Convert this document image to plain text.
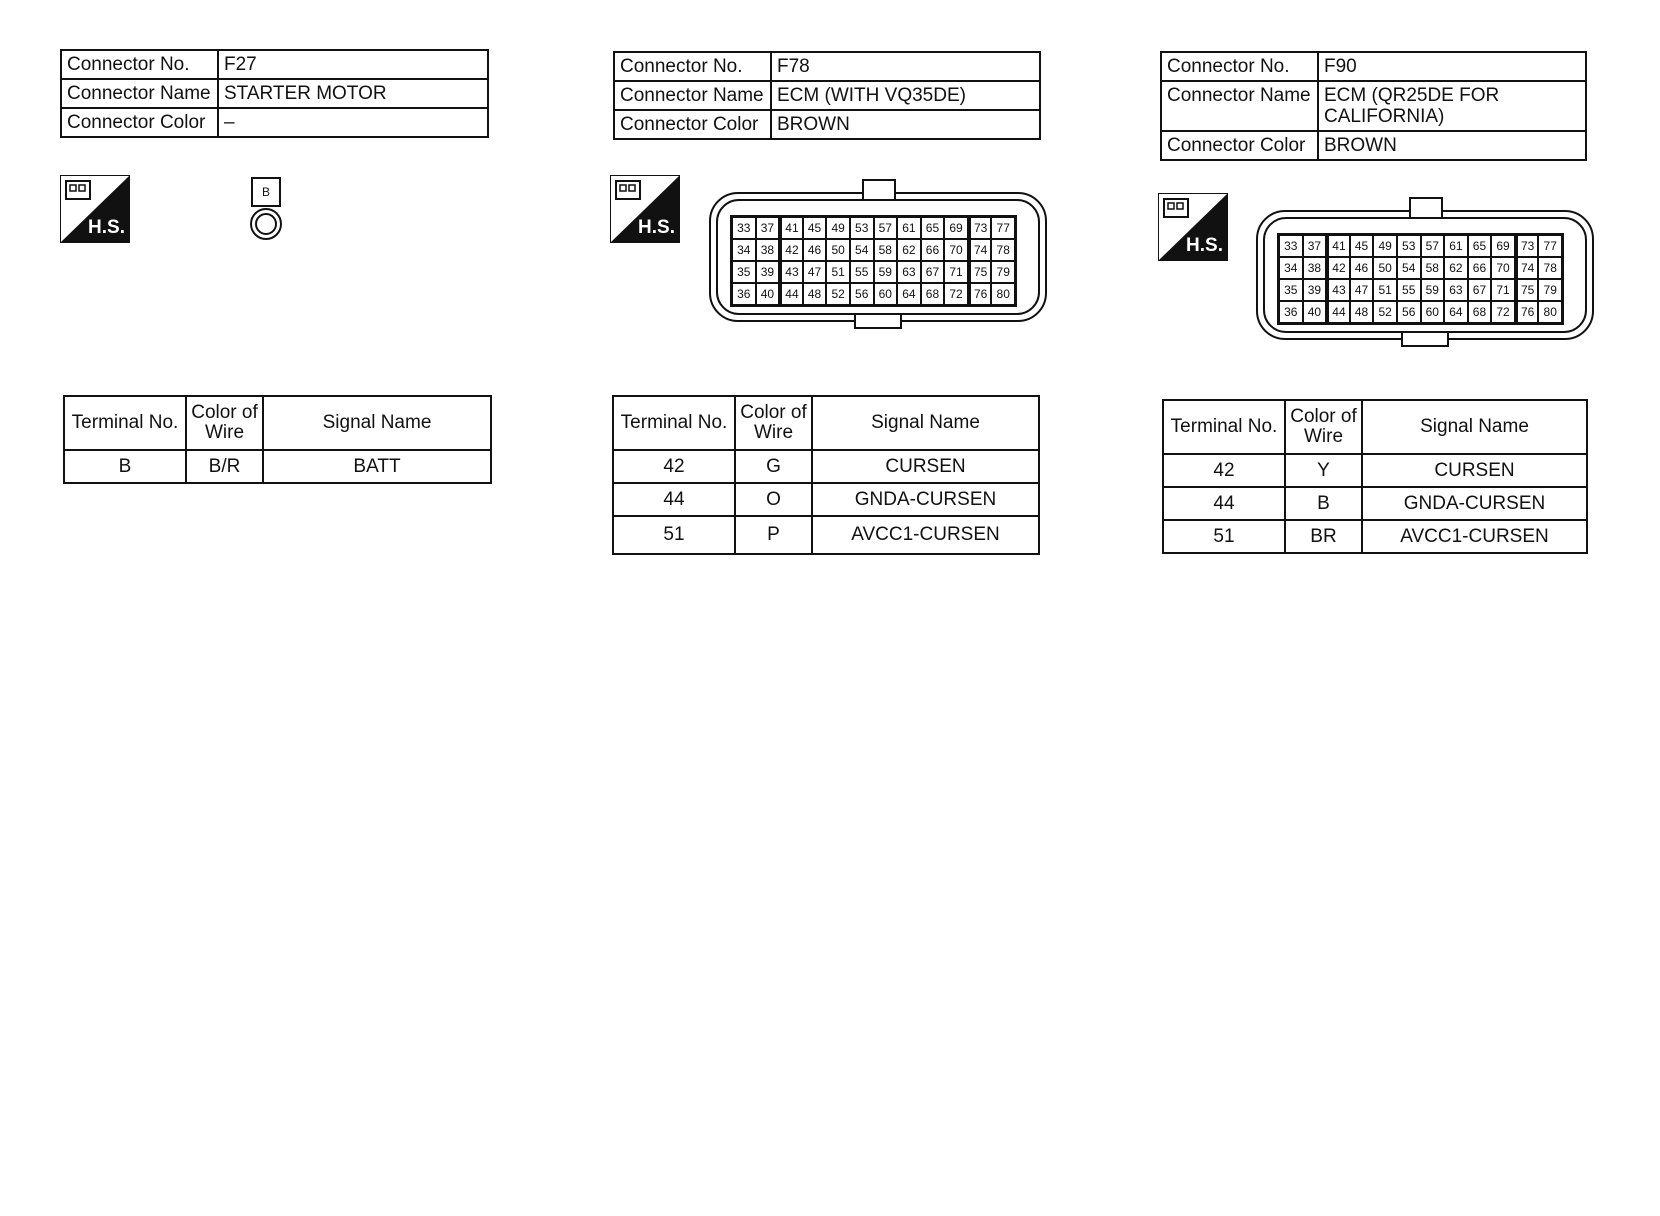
Connector No.	F27
Connector Name	STARTER MOTOR
Connector Color	–
H.S.
B
Terminal No.	Color of Wire	Signal Name
B	B/R	BATT
Connector No.	F78
Connector Name	ECM (WITH VQ35DE)
Connector Color	BROWN
H.S.	33 37 41 45 49 53 57 61 65 69 73 77
34 38 42 46 50 54 58 62 66 70 74 78
35 39 43 47 51 55 59 63 67 71 75 79
36 40 44 48 52 56 60 64 68 72 76 80
Terminal No.	Color of Wire	Signal Name
42	G	CURSEN
44	O	GNDA-CURSEN
51	P	AVCC1-CURSEN
Connector No.	F90
Connector Name	ECM (QR25DE FOR CALIFORNIA)
Connector Color	BROWN
H.S.	33 37 41 45 49 53 57 61 65 69 73 77
34 38 42 46 50 54 58 62 66 70 74 78
35 39 43 47 51 55 59 63 67 71 75 79
36 40 44 48 52 56 60 64 68 72 76 80
Terminal No.	Color of Wire	Signal Name
42	Y	CURSEN
44	B	GNDA-CURSEN
51	BR	AVCC1-CURSEN
